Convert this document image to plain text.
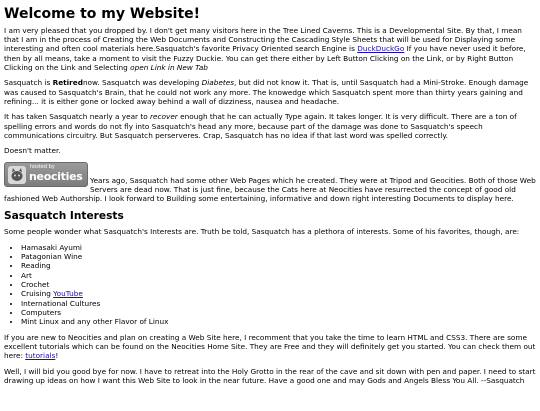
Welcome to my Website!

I am very pleased that you dropped by. I don't get many visitors here in the Tree Lined Caverns. This is a Developmental Site. By that, I mean that I am in the process of Creating the Web Documents and Constructing the Cascading Style Sheets that will be used for Displaying some interesting and often cool materials here.Sasquatch's favorite Privacy Oriented search Engine is DuckDuckGo If you have never used it before, then by all means, take a moment to visit the Fuzzy Duckie. You can get there either by Left Button Clicking on the Link, or by Right Button Clicking on the Link and Selecting open Link in New Tab

Sasquatch is Retirednow. Sasquatch was developing Diabetes, but did not know it. That is, until Sasquatch had a Mini-Stroke. Enough damage was caused to Sasquatch's Brain, that he could not work any more. The knowedge which Sasquatch spent more than thirty years gaining and refining... it is either gone or locked away behind a wall of dizziness, nausea and headache.

It has taken Sasquatch nearly a year to recover enough that he can actually Type again. It takes longer. It is very difficult. There are a ton of spelling errors and words do not fly into Sasquatch's head any more, because part of the damage was done to Sasquatch's speech communications circuitry. But Sasquatch perserveres. Crap, Sasquatch has no idea if that last word was spelled correctly.

Doesn't matter.

hosted by
neocities	Years ago, Sasquatch had some other Web Pages which he created. They were at Tripod and Geocities. Both of those Web Servers are dead now. That is just fine, because the Cats here at Neocities have resurrected the concept of good old fashioned Web Authorship. I look forward to Building some entertaining, informative and down right interesting Documents to display here.
Sasquatch Interests

Some people wonder what Sasquatch's Interests are. Truth be told, Sasquatch has a plethora of interests. Some of his favorites, though, are:

• Hamasaki Ayumi
• Patagonian Wine
• Reading
• Art
• Crochet
• Cruising YouTube
• International Cultures
• Computers
• Mint Linux and any other Flavor of Linux

If you are new to Neocities and plan on creating a Web Site here, I recomment that you take the time to learn HTML and CSS3. There are some excellent tutorials which can be found on the Neocities Home Site. They are Free and they will definitely get you started. You can check them out here: tutorials!

Well, I will bid you good bye for now. I have to retreat into the Holy Grotto in the rear of the cave and sit down with pen and paper. I need to start drawing up ideas on how I want this Web Site to look in the near future. Have a good one and may Gods and Angels Bless You All. --Sasquatch
